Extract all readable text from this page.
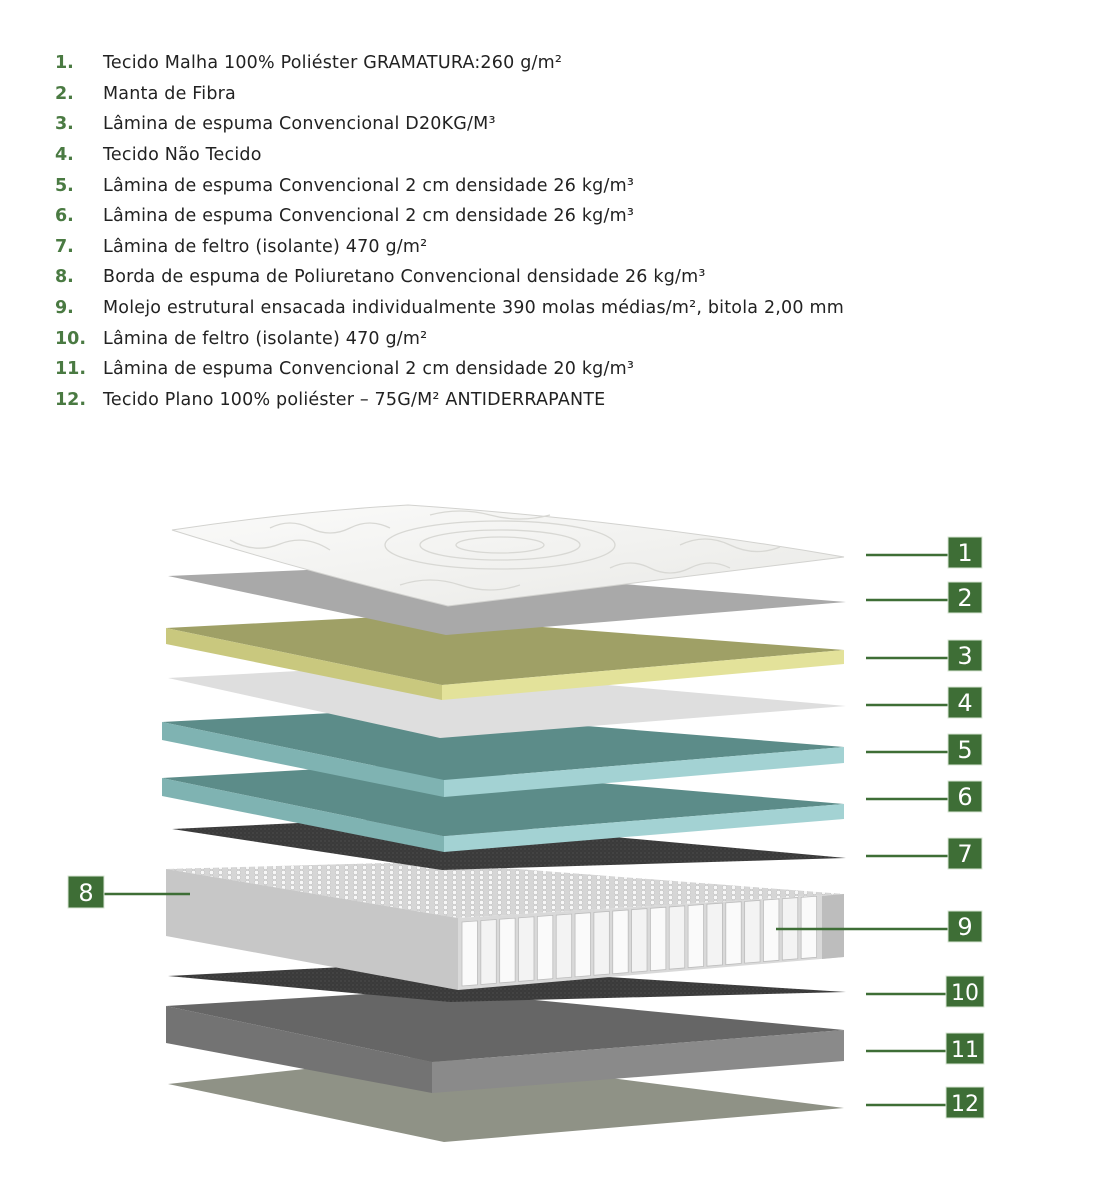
1.	Tecido Malha 100% Poliéster GRAMATURA:260 g/m²
2.	Manta de Fibra
3.	Lâmina de espuma Convencional D20KG/M³
4.	Tecido Não Tecido
5.	Lâmina de espuma Convencional 2 cm densidade 26 kg/m³
6.	Lâmina de espuma Convencional 2 cm densidade 26 kg/m³
7.	Lâmina de feltro (isolante) 470 g/m²
8.	Borda de espuma de Poliuretano Convencional densidade 26 kg/m³
9.	Molejo estrutural ensacada individualmente 390 molas médias/m², bitola 2,00 mm
10. Lâmina de feltro (isolante) 470 g/m²
11. Lâmina de espuma Convencional 2 cm densidade 20 kg/m³
12. Tecido Plano 100% poliéster – 75G/M² ANTIDERRAPANTE
1
2
3
4
5
6
7
8
9
10
11
12
